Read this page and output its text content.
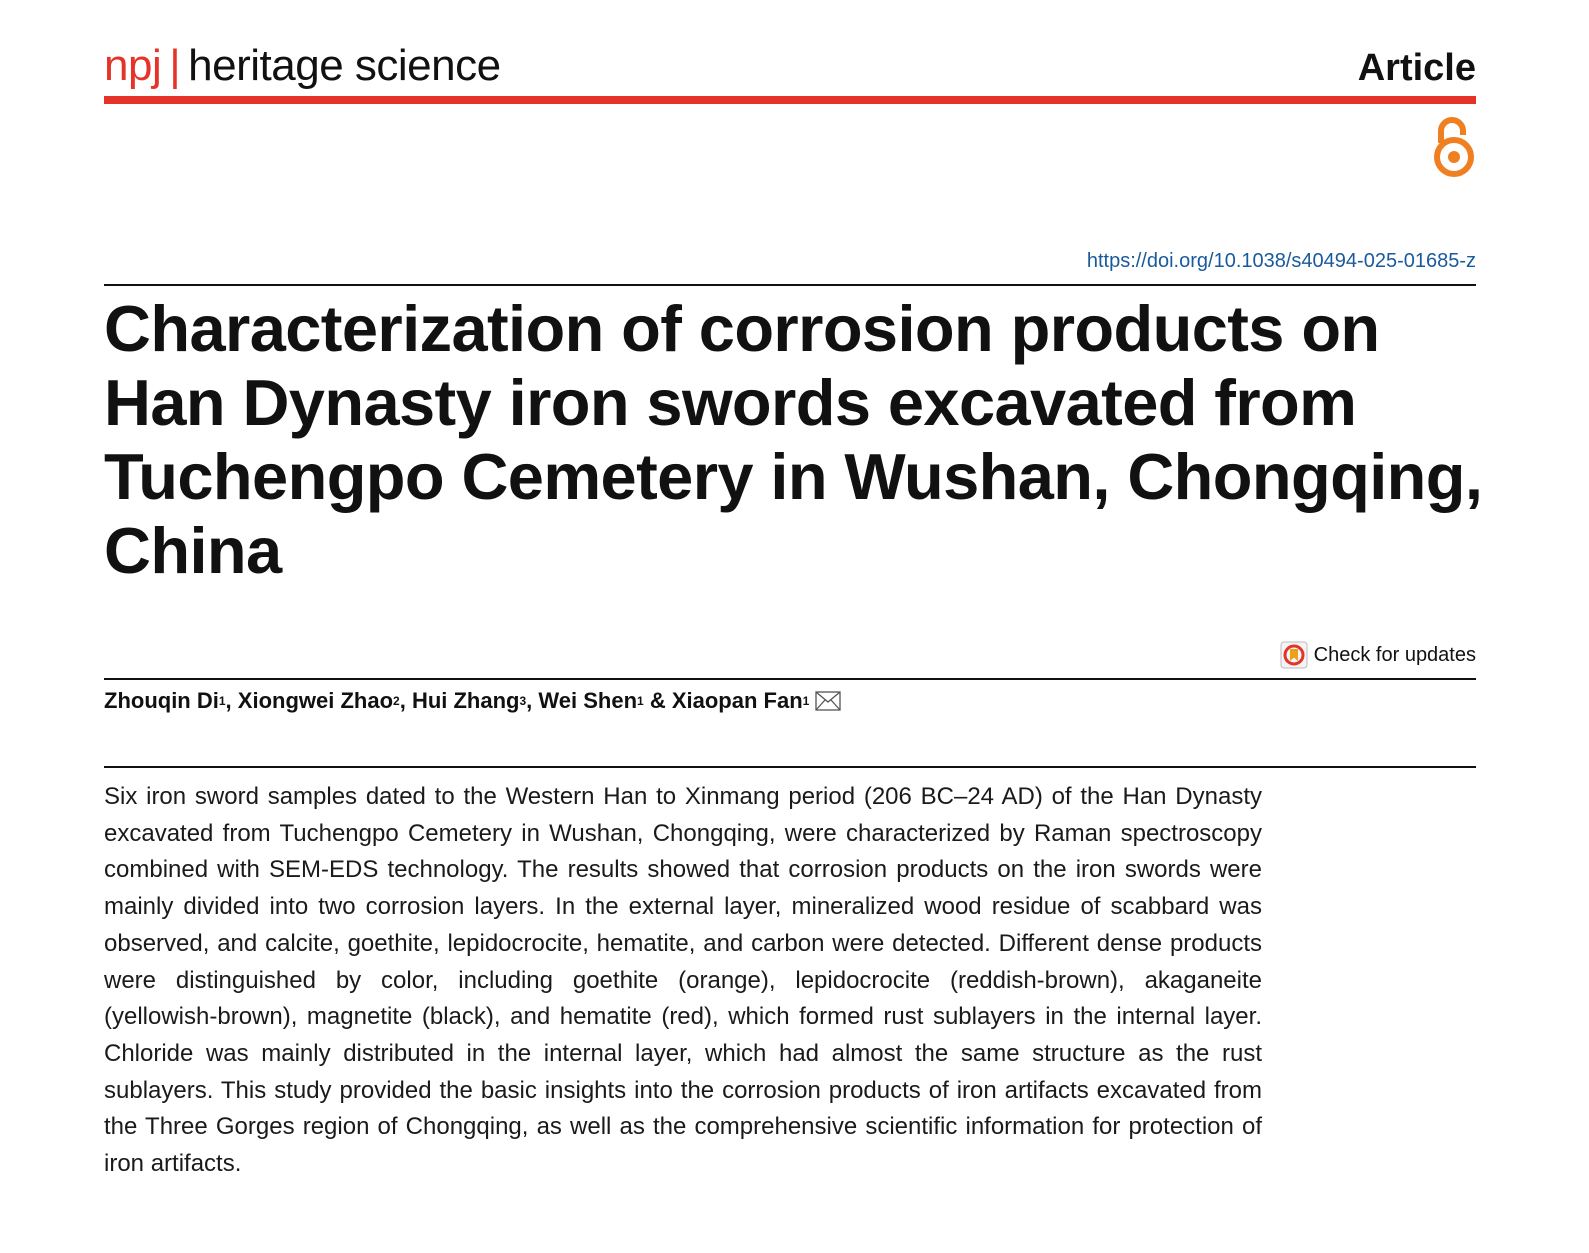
npj | heritage science	Article
https://doi.org/10.1038/s40494-025-01685-z
Characterization of corrosion products on Han Dynasty iron swords excavated from Tuchengpo Cemetery in Wushan, Chongqing, China
Check for updates
Zhouqin Di 1 , Xiongwei Zhao 2 , Hui Zhang 3 , Wei Shen 1 & Xiaopan Fan 1

Six iron sword samples dated to the Western Han to Xinmang period (206 BC–24 AD) of the Han Dynasty excavated from Tuchengpo Cemetery in Wushan, Chongqing, were characterized by Raman spectroscopy combined with SEM-EDS technology. The results showed that corrosion products on the iron swords were mainly divided into two corrosion layers. In the external layer, mineralized wood residue of scabbard was observed, and calcite, goethite, lepidocrocite, hematite, and carbon were detected. Different dense products were distinguished by color, including goethite (orange), lepidocrocite (reddish-brown), akaganeite (yellowish-brown), magnetite (black), and hematite (red), which formed rust sublayers in the internal layer. Chloride was mainly distributed in the internal layer, which had almost the same structure as the rust sublayers. This study provided the basic insights into the corrosion products of iron artifacts excavated from the Three Gorges region of Chongqing, as well as the comprehensive scientific information for protection of iron artifacts.
